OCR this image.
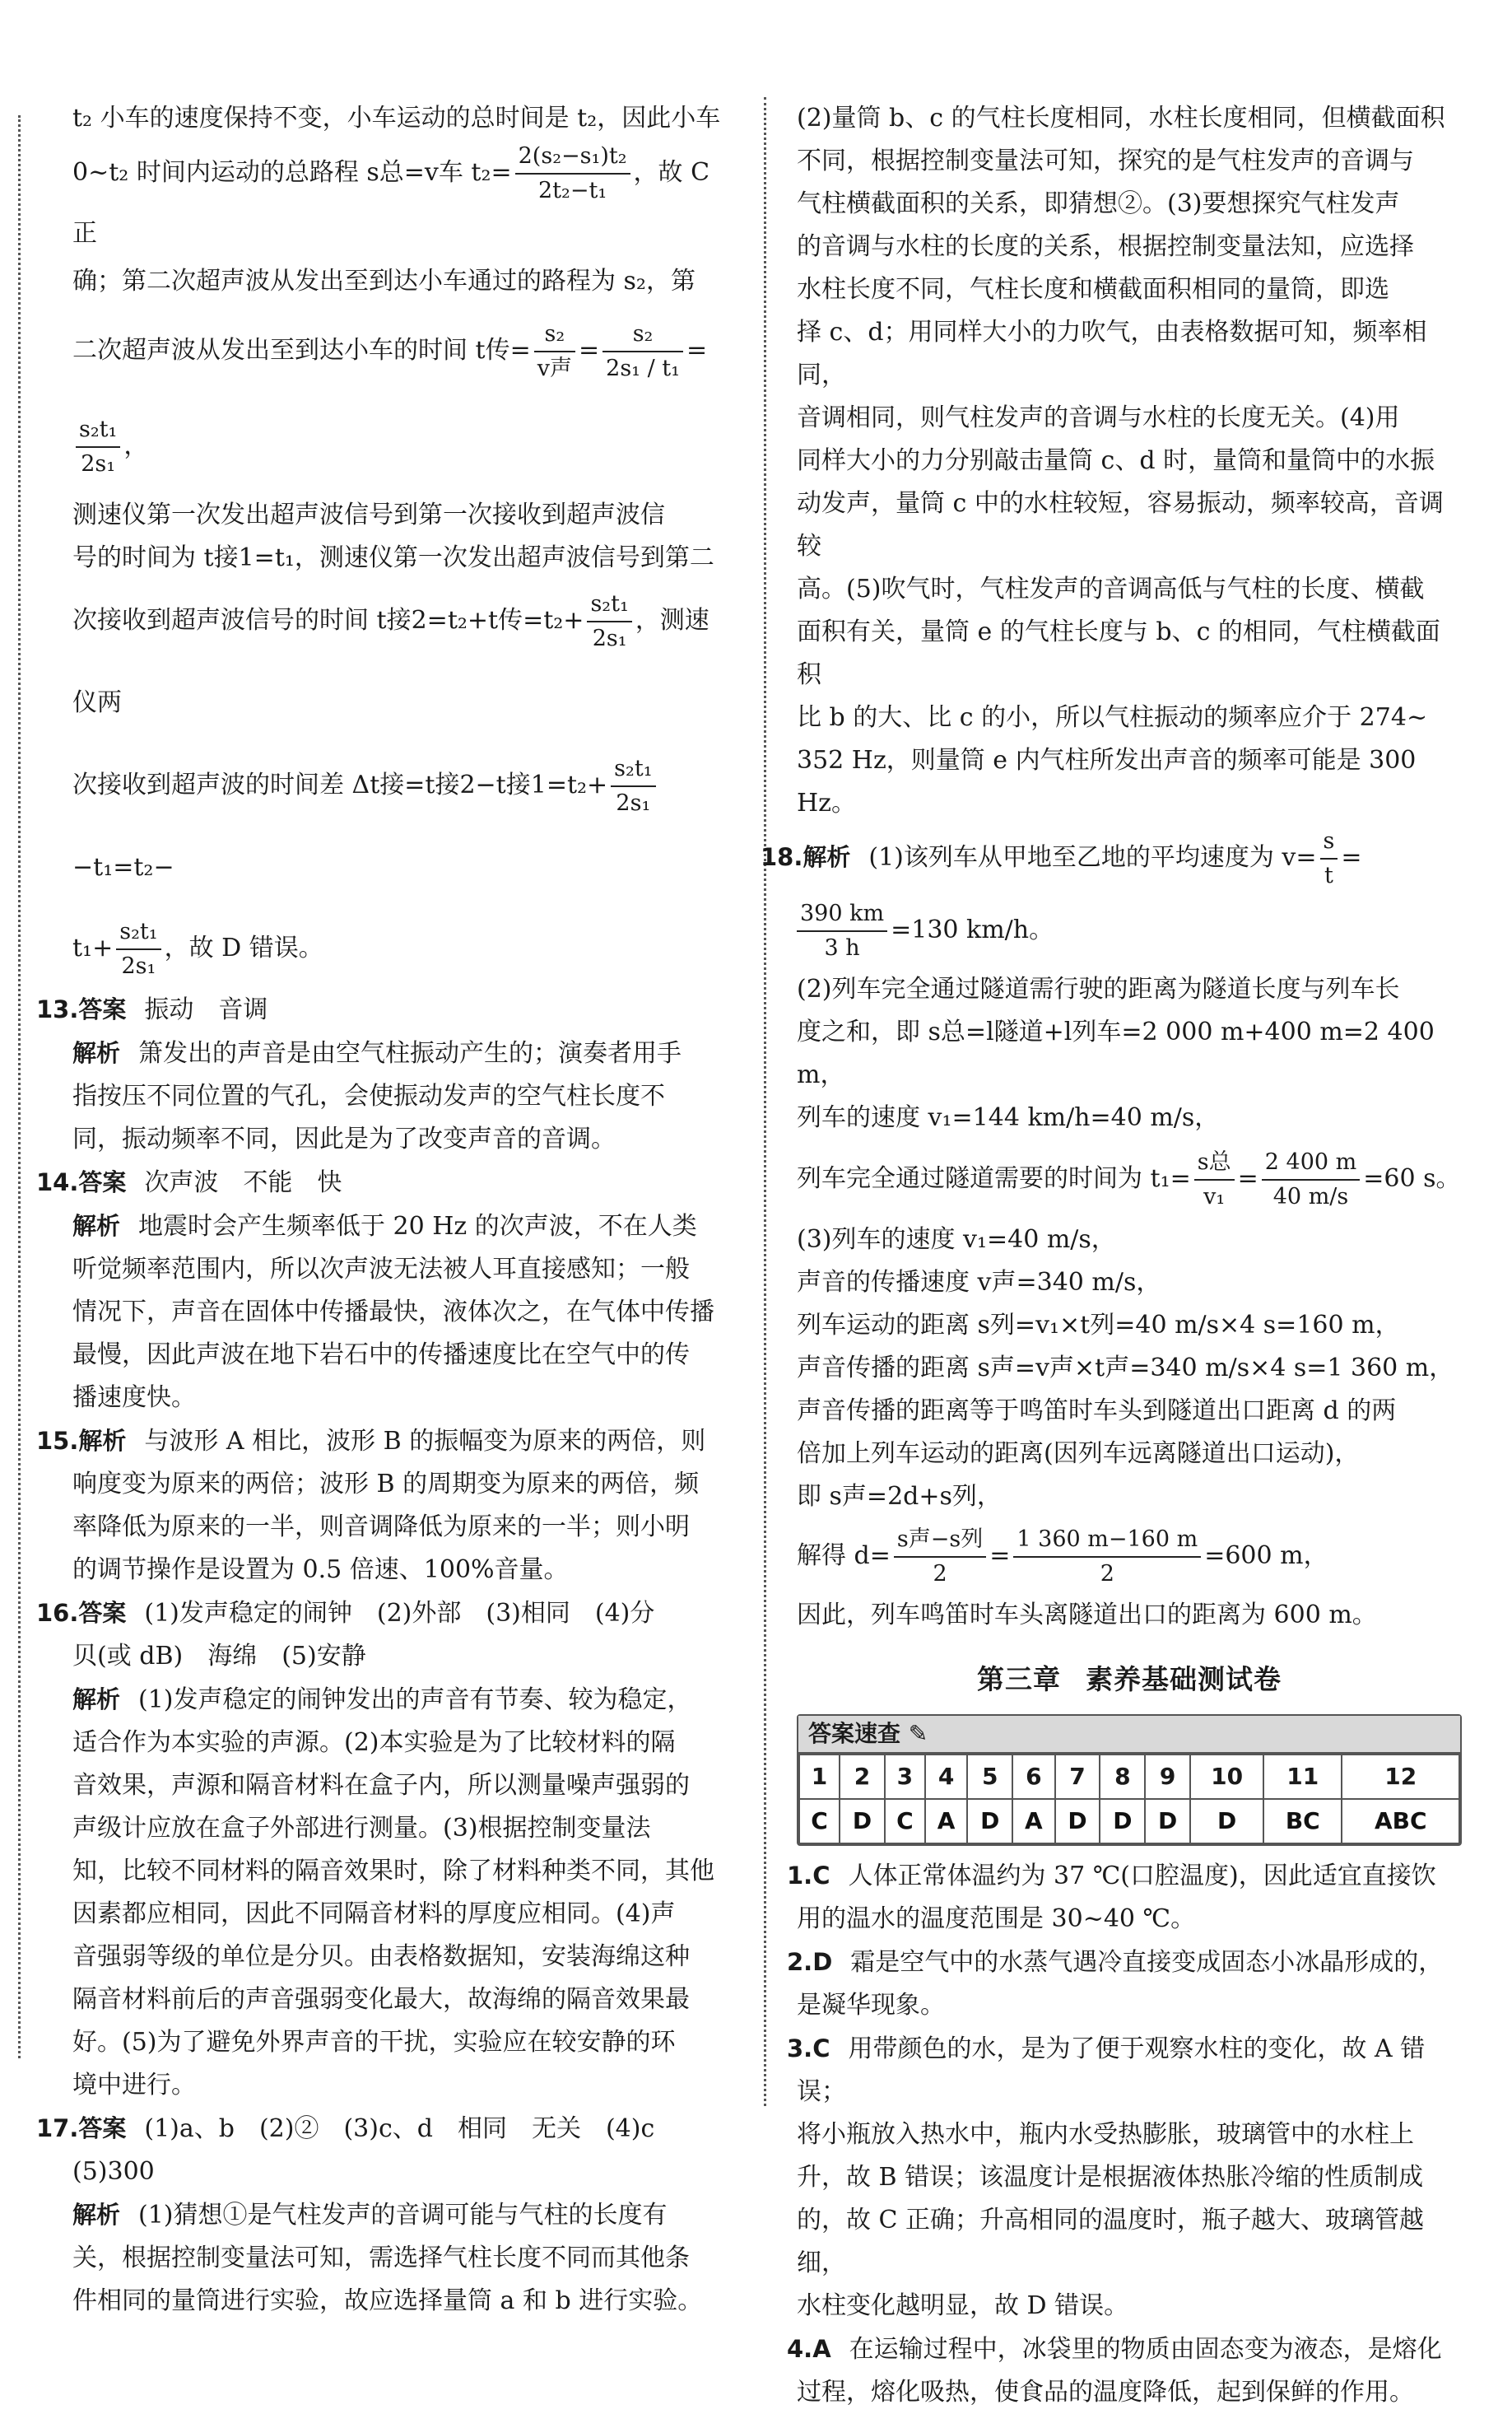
t₂ 小车的速度保持不变，小车运动的总时间是 t₂，因此小车

0~t₂ 时间内运动的总路程 s总=v车 $t_2= \frac{\text{2(s₂−s₁)t₂}}{\text{2t₂−t₁}}$ ，故 C 正

确；第二次超声波从发出至到达小车通过的路程为 s₂，第

二次超声波从发出至到达小车的时间 t传=
s₂
v声
= $\frac{\text{s₂}}{\text{2s₁ / t₁}}$ =
$\frac{\text{s₂t₁}}{\text{2s₁}}$ ，

测速仪第一次发出超声波信号到第一次接收到超声波信

号的时间为 t接1=t₁，测速仪第一次发出超声波信号到第二

次接收到超声波信号的时间 t接2=t₂+t传$=t_2+ \frac{\text{s₂t₁}}{\text{2s₁}}$ ，测速仪两

次接收到超声波的时间差 Δt接=t接2−t接$1=t_2+ \frac{\text{s₂t₁}}{\text{2s₁}}$
−t₁=t₂−

$t_1+ \frac{\text{s₂t₁}}{\text{2s₁}}$ ，故 D 错误。

13.答案 振动　音调

解析 箫发出的声音是由空气柱振动产生的；演奏者用手

指按压不同位置的气孔，会使振动发声的空气柱长度不

同，振动频率不同，因此是为了改变声音的音调。

14.答案 次声波　不能　快

解析 地震时会产生频率低于 20 Hz 的次声波，不在人类

听觉频率范围内，所以次声波无法被人耳直接感知；一般

情况下，声音在固体中传播最快，液体次之，在气体中传播

最慢，因此声波在地下岩石中的传播速度比在空气中的传

播速度快。

15.解析 与波形 A 相比，波形 B 的振幅变为原来的两倍，则

响度变为原来的两倍；波形 B 的周期变为原来的两倍，频

率降低为原来的一半，则音调降低为原来的一半；则小明

的调节操作是设置为 0.5 倍速、100%音量。

16.答案 (1)发声稳定的闹钟　(2)外部　(3)相同　(4)分

贝(或 dB)　海绵　(5)安静

解析 (1)发声稳定的闹钟发出的声音有节奏、较为稳定，

适合作为本实验的声源。(2)本实验是为了比较材料的隔

音效果，声源和隔音材料在盒子内，所以测量噪声强弱的

声级计应放在盒子外部进行测量。(3)根据控制变量法

知，比较不同材料的隔音效果时，除了材料种类不同，其他

因素都应相同，因此不同隔音材料的厚度应相同。(4)声

音强弱等级的单位是分贝。由表格数据知，安装海绵这种

隔音材料前后的声音强弱变化最大，故海绵的隔音效果最

好。(5)为了避免外界声音的干扰，实验应在较安静的环

境中进行。

17.答案 (1)a、b　(2)②　(3)c、d　相同　无关　(4)c

(5)300

解析 (1)猜想①是气柱发声的音调可能与气柱的长度有

关，根据控制变量法可知，需选择气柱长度不同而其他条

件相同的量筒进行实验，故应选择量筒 a 和 b 进行实验。

(2)量筒 b、c 的气柱长度相同，水柱长度相同，但横截面积

不同，根据控制变量法可知，探究的是气柱发声的音调与

气柱横截面积的关系，即猜想②。(3)要想探究气柱发声

的音调与水柱的长度的关系，根据控制变量法知，应选择

水柱长度不同，气柱长度和横截面积相同的量筒，即选

择 c、d；用同样大小的力吹气，由表格数据可知，频率相同，

音调相同，则气柱发声的音调与水柱的长度无关。(4)用

同样大小的力分别敲击量筒 c、d 时，量筒和量筒中的水振

动发声，量筒 c 中的水柱较短，容易振动，频率较高，音调较

高。(5)吹气时，气柱发声的音调高低与气柱的长度、横截

面积有关，量筒 e 的气柱长度与 b、c 的相同，气柱横截面积

比 b 的大、比 c 的小，所以气柱振动的频率应介于 274~

352 Hz，则量筒 e 内气柱所发出声音的频率可能是 300 Hz。

18.解析 (1)该列车从甲地至乙地的平均速度为 $v= \frac{s}{t}$ =

$\frac{390 km}{3 h} =130$ km/h。

(2)列车完全通过隧道需行驶的距离为隧道长度与列车长

度之和，即 s总=l隧道+l列车=2 000 m+400 m=2 400 m，

列车的速度 v₁=144 km/h=40 m/s，

列车完全通过隧道需要的时间为 t₁=
s总
v₁
= $\frac{2 400 m}{40 m/s} =60$ s。

(3)列车的速度 v₁=40 m/s，

声音的传播速度 v声=340 m/s，

列车运动的距离 s列=v₁×t列=40 m/s×4 s=160 m，

声音传播的距离 s声=v声×t声=340 m/s×4 s=1 360 m，

声音传播的距离等于鸣笛时车头到隧道出口距离 d 的两

倍加上列车运动的距离(因列车远离隧道出口运动)，

即 s声=2d+s列，

解得 d=
s声−s列
2
= $\frac{1 360 m-160 m}{2} =600$ m，

因此，列车鸣笛时车头离隧道出口的距离为 600 m。

第三章 素养基础测试卷
答案速查 ✎
1	2	3	4	5	6	7	8	9	10	11	12
C	D	C	A	D	A	D	D	D	D	BC	ABC

1.C 人体正常体温约为 37 ℃(口腔温度)，因此适宜直接饮

用的温水的温度范围是 30~40 ℃。

2.D 霜是空气中的水蒸气遇冷直接变成固态小冰晶形成的，

是凝华现象。

3.C 用带颜色的水，是为了便于观察水柱的变化，故 A 错误；

将小瓶放入热水中，瓶内水受热膨胀，玻璃管中的水柱上

升，故 B 错误；该温度计是根据液体热胀冷缩的性质制成

的，故 C 正确；升高相同的温度时，瓶子越大、玻璃管越细，

水柱变化越明显，故 D 错误。

4.A 在运输过程中，冰袋里的物质由固态变为液态，是熔化

过程，熔化吸热，使食品的温度降低，起到保鲜的作用。
